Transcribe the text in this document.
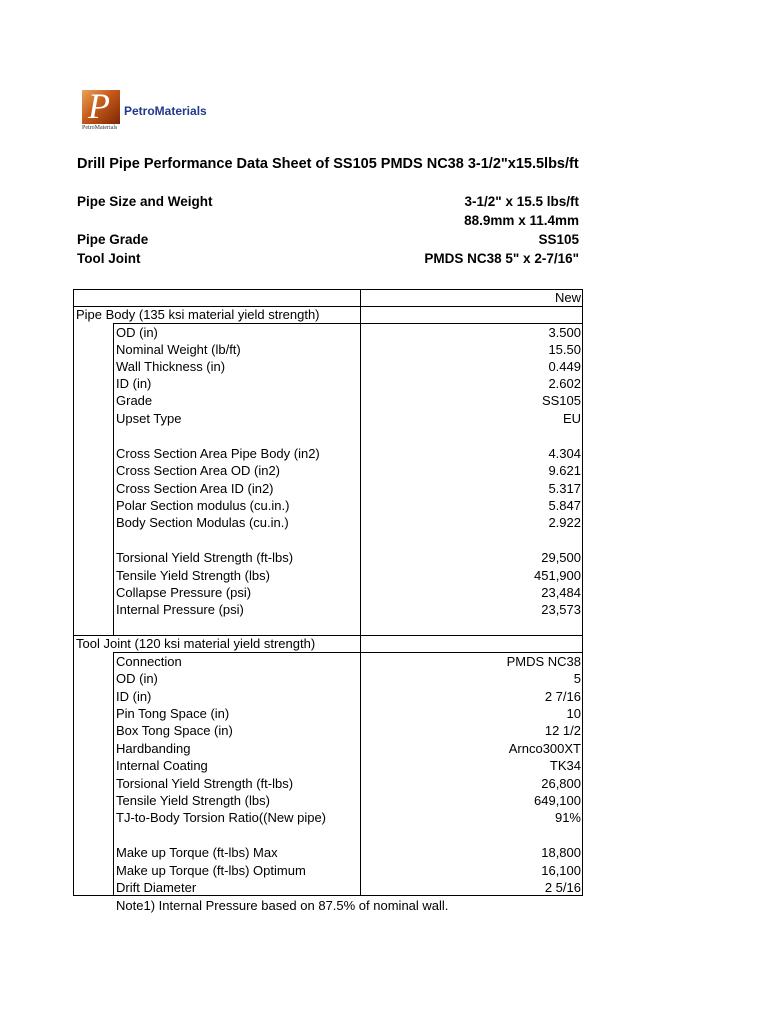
P
PetroMaterials
PetroMaterials
Drill Pipe Performance Data Sheet of SS105 PMDS NC38 3-1/2"x15.5lbs/ft
Pipe Size and Weight	3-1/2" x 15.5 lbs/ft
88.9mm x 11.4mm
Pipe Grade	SS105
Tool Joint	PMDS NC38 5" x 2-7/16"
New
Pipe Body (135 ksi material yield strength)
OD (in)	3.500
Nominal Weight (lb/ft)	15.50
Wall Thickness (in)	0.449
ID (in)	2.602
Grade	SS105
Upset Type	EU
Cross Section Area Pipe Body (in2)	4.304
Cross Section Area OD (in2)	9.621
Cross Section Area ID (in2)	5.317
Polar Section modulus (cu.in.)	5.847
Body Section Modulas (cu.in.)	2.922
Torsional Yield Strength (ft-lbs)	29,500
Tensile Yield Strength (lbs)	451,900
Collapse Pressure (psi)	23,484
Internal Pressure (psi)	23,573
Tool Joint (120 ksi material yield strength)
Connection	PMDS NC38
OD (in)	5
ID (in)	2 7/16
Pin Tong Space (in)	10
Box Tong Space (in)	12 1/2
Hardbanding	Arnco300XT
Internal Coating	TK34
Torsional Yield Strength (ft-lbs)	26,800
Tensile Yield Strength (lbs)	649,100
TJ-to-Body Torsion Ratio((New pipe)	91%
Make up Torque (ft-lbs) Max	18,800
Make up Torque (ft-lbs) Optimum	16,100
Drift Diameter	2 5/16
Note1) Internal Pressure based on 87.5% of nominal wall.
